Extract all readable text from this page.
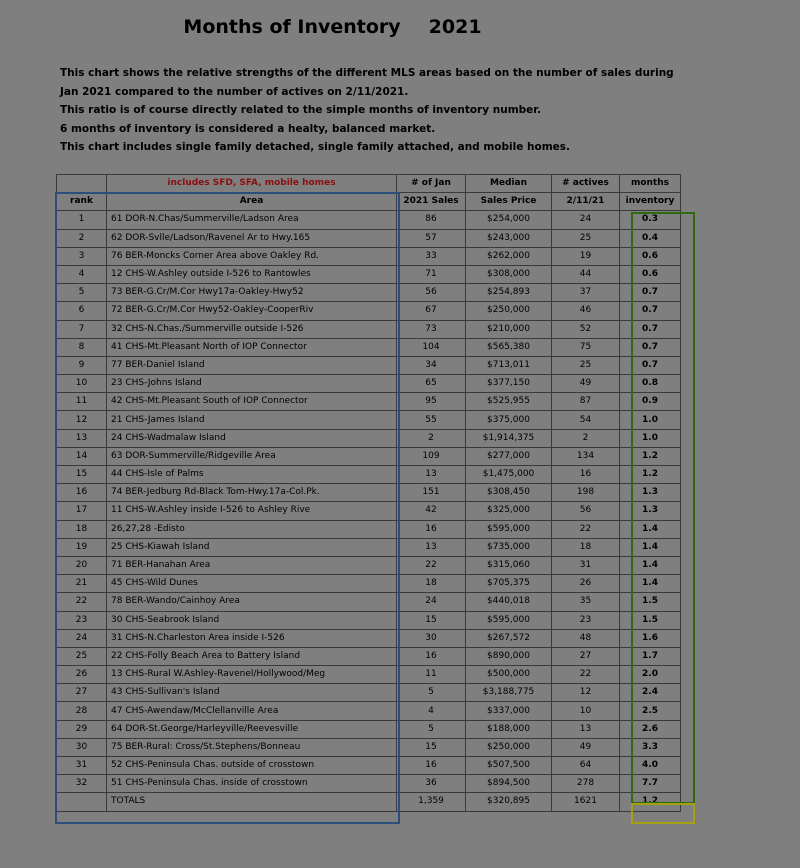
Months of Inventory 2021

This chart shows the relative strengths of the different MLS areas based on the number of sales during

Jan 2021 compared to the number of actives on 2/11/2021.

This ratio is of course directly related to the simple months of inventory number.

6 months of inventory is considered a healty, balanced market.

This chart includes single family detached, single family attached, and mobile homes.

	includes SFD, SFA, mobile homes	# of Jan	Median	# actives	months
rank	Area	2021 Sales	Sales Price	2/11/21	inventory
1	61 DOR-N.Chas/Summerville/Ladson Area	86	$254,000	24	0.3
2	62 DOR-Svlle/Ladson/Ravenel Ar to Hwy.165	57	$243,000	25	0.4
3	76 BER-Moncks Corner Area above Oakley Rd.	33	$262,000	19	0.6
4	12 CHS-W.Ashley outside I-526 to Rantowles	71	$308,000	44	0.6
5	73 BER-G.Cr/M.Cor Hwy17a-Oakley-Hwy52	56	$254,893	37	0.7
6	72 BER-G.Cr/M.Cor Hwy52-Oakley-CooperRiv	67	$250,000	46	0.7
7	32 CHS-N.Chas./Summerville outside I-526	73	$210,000	52	0.7
8	41 CHS-Mt.Pleasant North of IOP Connector	104	$565,380	75	0.7
9	77 BER-Daniel Island	34	$713,011	25	0.7
10	23 CHS-Johns Island	65	$377,150	49	0.8
11	42 CHS-Mt.Pleasant South of IOP Connector	95	$525,955	87	0.9
12	21 CHS-James Island	55	$375,000	54	1.0
13	24 CHS-Wadmalaw Island	2	$1,914,375	2	1.0
14	63 DOR-Summerville/Ridgeville Area	109	$277,000	134	1.2
15	44 CHS-Isle of Palms	13	$1,475,000	16	1.2
16	74 BER-Jedburg Rd-Black Tom-Hwy.17a-Col.Pk.	151	$308,450	198	1.3
17	11 CHS-W.Ashley inside I-526 to Ashley Rive	42	$325,000	56	1.3
18	26,27,28 -Edisto	16	$595,000	22	1.4
19	25 CHS-Kiawah Island	13	$735,000	18	1.4
20	71 BER-Hanahan Area	22	$315,060	31	1.4
21	45 CHS-Wild Dunes	18	$705,375	26	1.4
22	78 BER-Wando/Cainhoy Area	24	$440,018	35	1.5
23	30 CHS-Seabrook Island	15	$595,000	23	1.5
24	31 CHS-N.Charleston Area inside I-526	30	$267,572	48	1.6
25	22 CHS-Folly Beach Area to Battery Island	16	$890,000	27	1.7
26	13 CHS-Rural W.Ashley-Ravenel/Hollywood/Meg	11	$500,000	22	2.0
27	43 CHS-Sullivan's Island	5	$3,188,775	12	2.4
28	47 CHS-Awendaw/McClellanville Area	4	$337,000	10	2.5
29	64 DOR-St.George/Harleyville/Reevesville	5	$188,000	13	2.6
30	75 BER-Rural: Cross/St.Stephens/Bonneau	15	$250,000	49	3.3
31	52 CHS-Peninsula Chas. outside of crosstown	16	$507,500	64	4.0
32	51 CHS-Peninsula Chas. inside of crosstown	36	$894,500	278	7.7
	TOTALS	1,359	$320,895	1621	1.2
